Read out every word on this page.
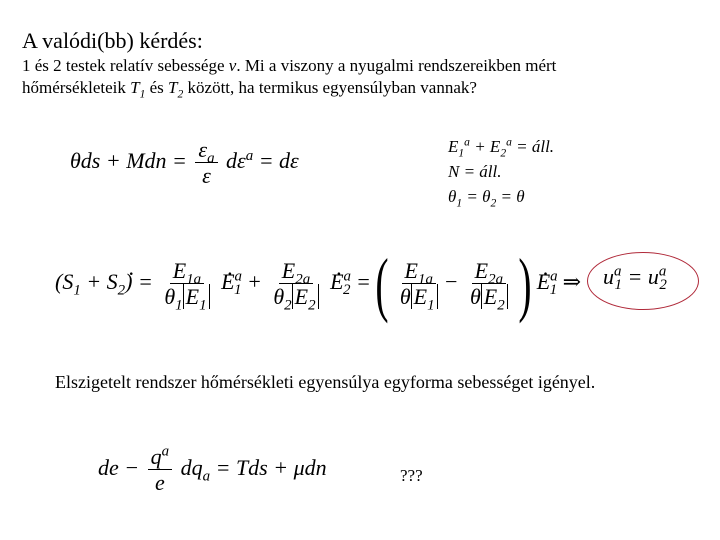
A valódi(bb) kérdés:
1 és 2 testek relatív sebessége v. Mi a viszony a nyugalmi rendszereikben mért
hőmérsékleteik $T_1$ és $T_2$ között, ha termikus egyensúlyban vannak?
θds + Mdn = $\frac{\varepsilon_a}{\varepsilon} d\varepsilon^a = d\varepsilon$
$E_1^a + E_2^a$ = áll.
N = áll.
$\theta_1 = \theta_2 = \theta$
($S_1 + S_2$. ) = $\frac{E_{1a}}{\theta_1 E_1}$ . $E^a_1 + \frac{E_{2a}}{\theta_2 E_2}$ . $E^a_2$ = ( $\frac{E_{1a}}{\theta E_1} - \frac{E_{2a}}{\theta E_2}$ ) . $E^a_1$ ⇒ $u^a_1 = u^a_2$
Elszigetelt rendszer hőmérsékleti egyensúlya egyforma sebességet igényel.
de − $\frac{q^a}{e} dq_a$ = Tds + μdn	???
